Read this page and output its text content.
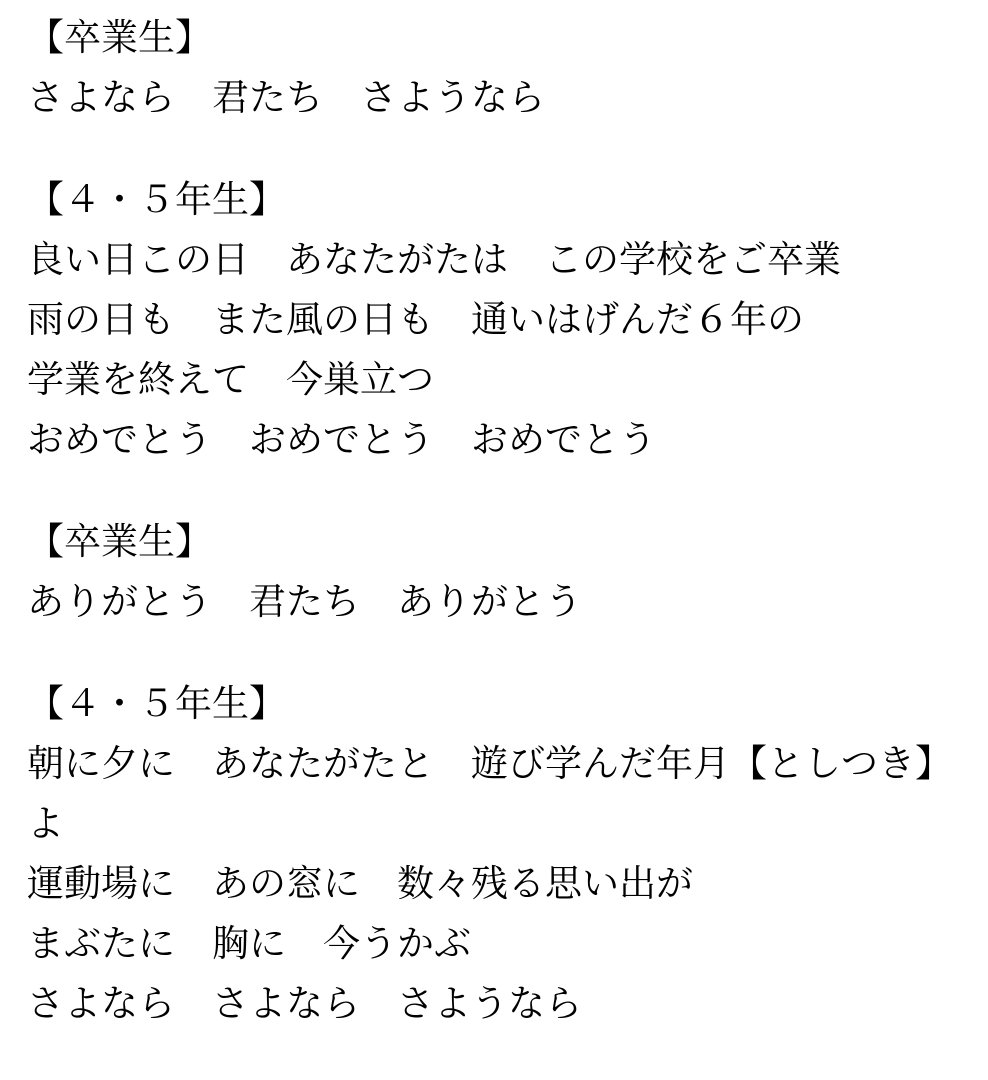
【卒業生】
さよなら　君たち　さようなら
【４・５年生】
良い日この日　あなたがたは　この学校をご卒業
雨の日も　また風の日も　通いはげんだ６年の
学業を終えて　今巣立つ
おめでとう　おめでとう　おめでとう
【卒業生】
ありがとう　君たち　ありがとう
【４・５年生】
朝に夕に　あなたがたと　遊び学んだ年月【としつき】
よ
運動場に　あの窓に　数々残る思い出が
まぶたに　胸に　今うかぶ
さよなら　さよなら　さようなら
